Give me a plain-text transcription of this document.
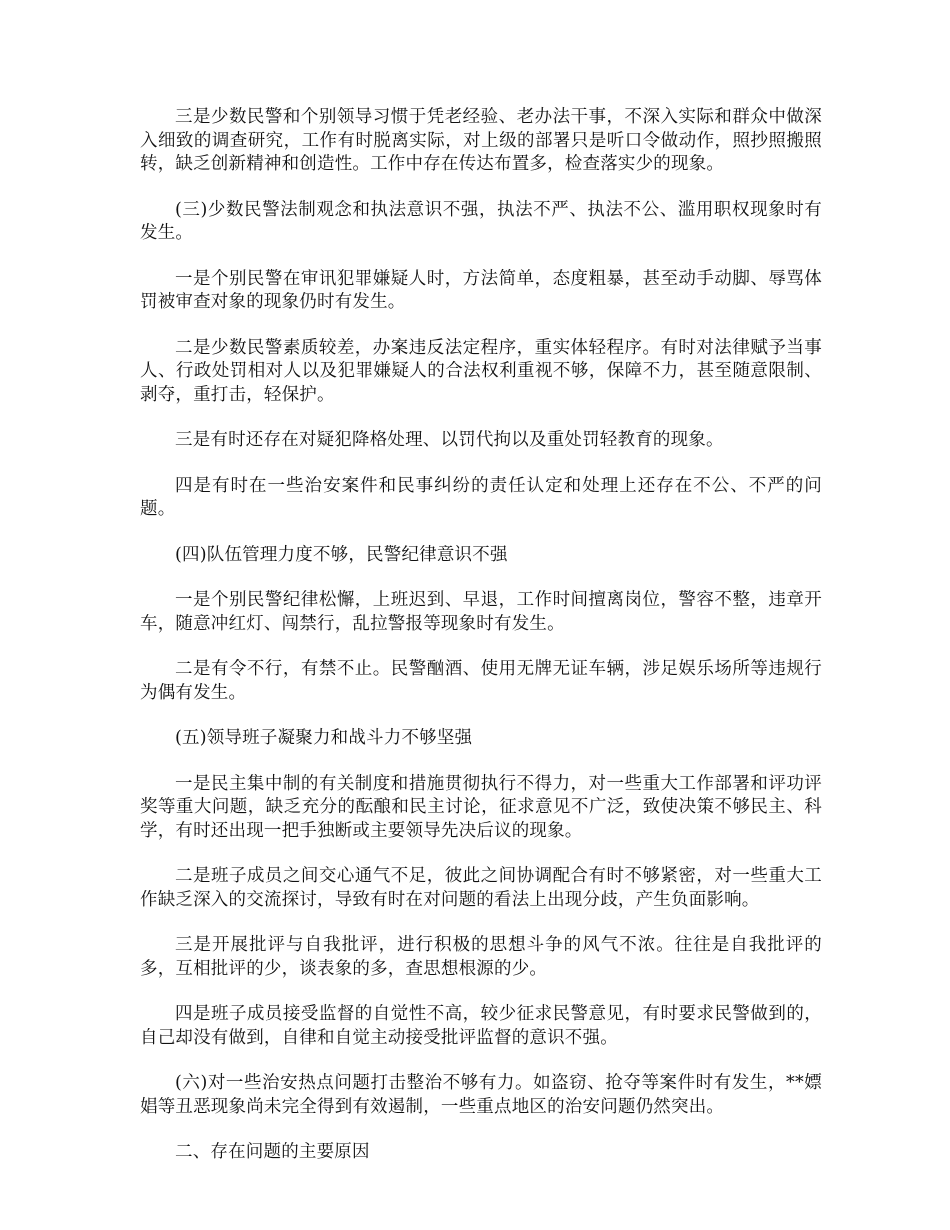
三是少数民警和个别领导习惯于凭老经验、老办法干事，不深入实际和群众中做深入细致的调查研究，工作有时脱离实际，对上级的部署只是听口令做动作，照抄照搬照转，缺乏创新精神和创造性。工作中存在传达布置多，检查落实少的现象。

(三)少数民警法制观念和执法意识不强，执法不严、执法不公、滥用职权现象时有发生。

一是个别民警在审讯犯罪嫌疑人时，方法简单，态度粗暴，甚至动手动脚、辱骂体罚被审查对象的现象仍时有发生。

二是少数民警素质较差，办案违反法定程序，重实体轻程序。有时对法律赋予当事人、行政处罚相对人以及犯罪嫌疑人的合法权利重视不够，保障不力，甚至随意限制、剥夺，重打击，轻保护。

三是有时还存在对疑犯降格处理、以罚代拘以及重处罚轻教育的现象。

四是有时在一些治安案件和民事纠纷的责任认定和处理上还存在不公、不严的问题。

(四)队伍管理力度不够，民警纪律意识不强

一是个别民警纪律松懈，上班迟到、早退，工作时间擅离岗位，警容不整，违章开车，随意冲红灯、闯禁行，乱拉警报等现象时有发生。

二是有令不行，有禁不止。民警酗酒、使用无牌无证车辆，涉足娱乐场所等违规行为偶有发生。

(五)领导班子凝聚力和战斗力不够坚强

一是民主集中制的有关制度和措施贯彻执行不得力，对一些重大工作部署和评功评奖等重大问题，缺乏充分的酝酿和民主讨论，征求意见不广泛，致使决策不够民主、科学，有时还出现一把手独断或主要领导先决后议的现象。

二是班子成员之间交心通气不足，彼此之间协调配合有时不够紧密，对一些重大工作缺乏深入的交流探讨，导致有时在对问题的看法上出现分歧，产生负面影响。

三是开展批评与自我批评，进行积极的思想斗争的风气不浓。往往是自我批评的多，互相批评的少，谈表象的多，查思想根源的少。

四是班子成员接受监督的自觉性不高，较少征求民警意见，有时要求民警做到的，自己却没有做到，自律和自觉主动接受批评监督的意识不强。

(六)对一些治安热点问题打击整治不够有力。如盗窃、抢夺等案件时有发生，**嫖娼等丑恶现象尚未完全得到有效遏制，一些重点地区的治安问题仍然突出。

二、存在问题的主要原因
